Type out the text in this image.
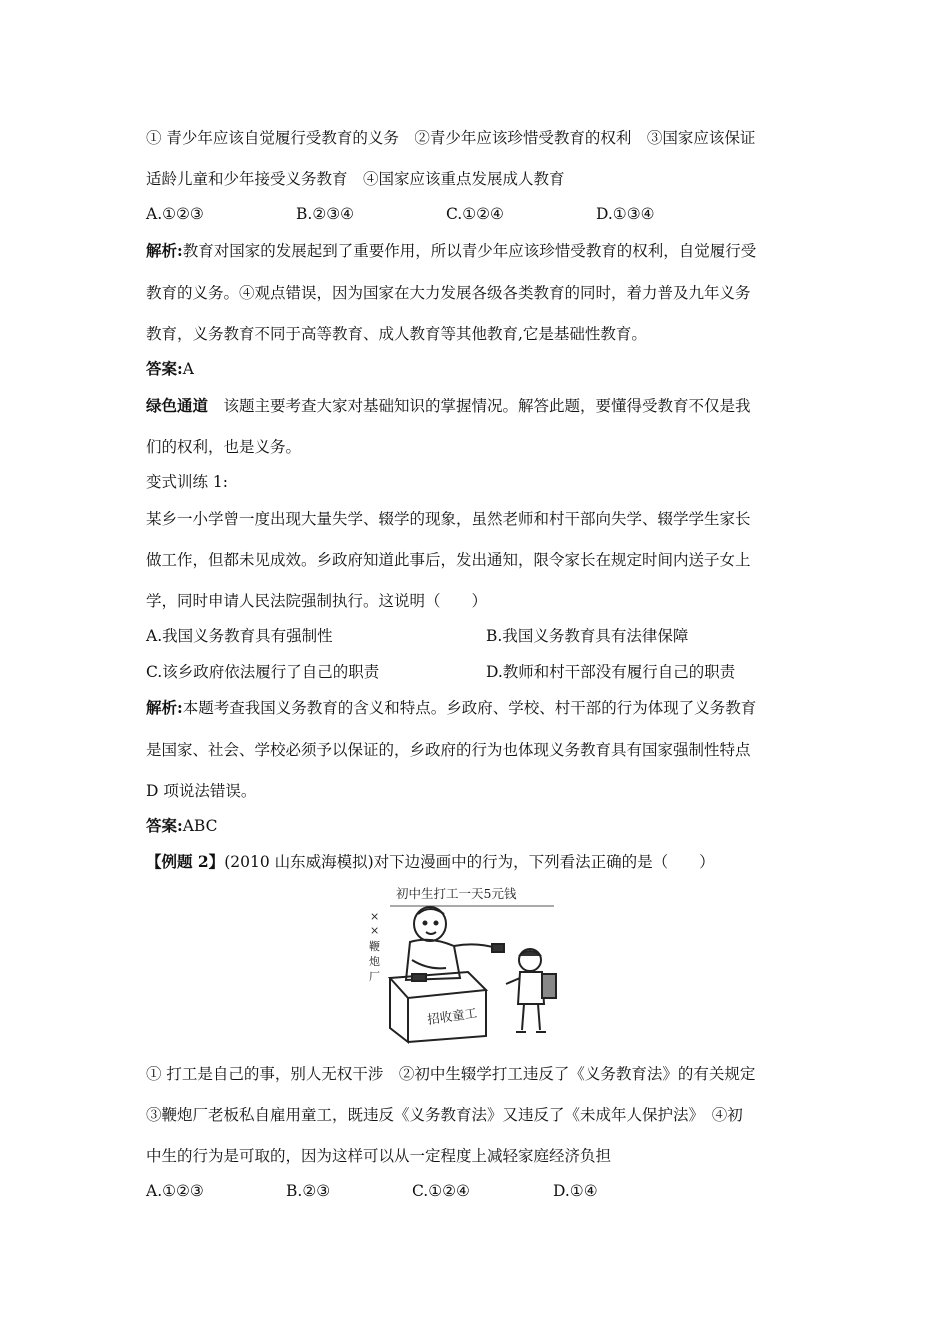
① 青少年应该自觉履行受教育的义务　②青少年应该珍惜受教育的权利　③国家应该保证
适龄儿童和少年接受义务教育　④国家应该重点发展成人教育
A.①②③	B.②③④	C.①②④	D.①③④
解析:教育对国家的发展起到了重要作用，所以青少年应该珍惜受教育的权利，自觉履行受
教育的义务。④观点错误，因为国家在大力发展各级各类教育的同时，着力普及九年义务
教育，义务教育不同于高等教育、成人教育等其他教育,它是基础性教育。
答案:A
绿色通道　该题主要考查大家对基础知识的掌握情况。解答此题，要懂得受教育不仅是我
们的权利，也是义务。
变式训练 1:
某乡一小学曾一度出现大量失学、辍学的现象，虽然老师和村干部向失学、辍学学生家长
做工作，但都未见成效。乡政府知道此事后，发出通知，限令家长在规定时间内送子女上
学，同时申请人民法院强制执行。这说明（　　）
A.我国义务教育具有强制性	B.我国义务教育具有法律保障
C.该乡政府依法履行了自己的职责	D.教师和村干部没有履行自己的职责
解析:本题考查我国义务教育的含义和特点。乡政府、学校、村干部的行为体现了义务教育
是国家、社会、学校必须予以保证的，乡政府的行为也体现义务教育具有国家强制性特点
D 项说法错误。
答案:ABC
【例题 2】(2010 山东威海模拟)对下边漫画中的行为，下列看法正确的是（　　）
初中生打工一天5元钱
×
×
鞭
炮
厂
招收童工
① 打工是自己的事，别人无权干涉　②初中生辍学打工违反了《义务教育法》的有关规定
③鞭炮厂老板私自雇用童工，既违反《义务教育法》又违反了《未成年人保护法》　④初
中生的行为是可取的，因为这样可以从一定程度上减轻家庭经济负担
A.①②③	B.②③	C.①②④	D.①④
